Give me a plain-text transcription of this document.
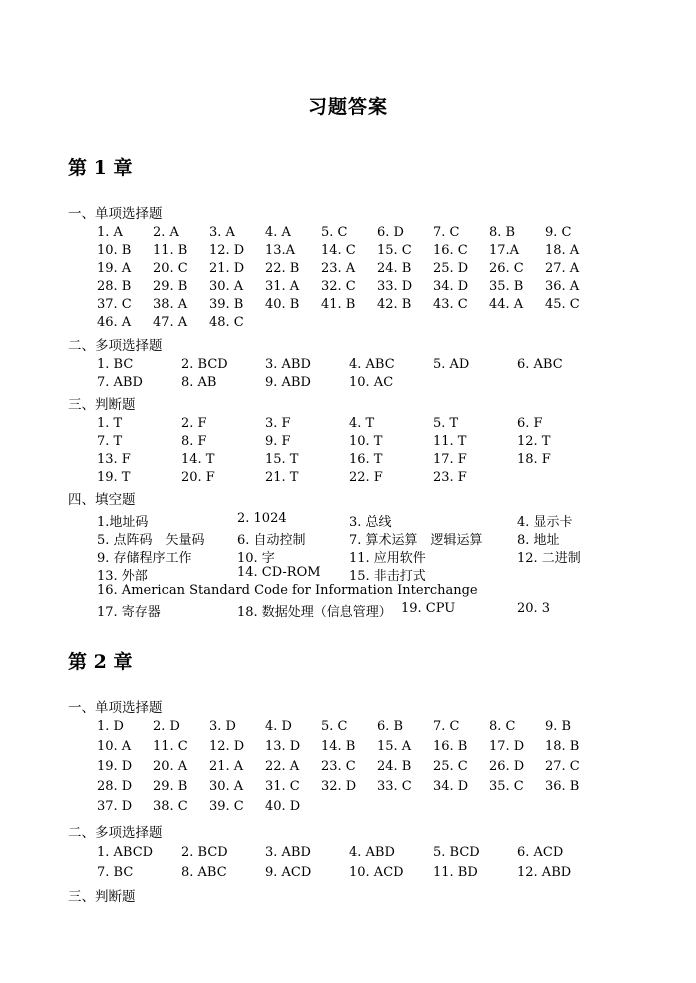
习题答案
第 1 章
一、单项选择题
1. A 2. A 3. A 4. A 5. C 6. D 7. C 8. B 9. C
10. B 11. B 12. D 13.A 14. C 15. C 16. C 17.A 18. A
19. A 20. C 21. D 22. B 23. A 24. B 25. D 26. C 27. A
28. B 29. B 30. A 31. A 32. C 33. D 34. D 35. B 36. A
37. C 38. A 39. B 40. B 41. B 42. B 43. C 44. A 45. C
46. A 47. A 48. C
二、多项选择题
1. BC	2. BCD	3. ABD	4. ABC	5. AD	6. ABC
7. ABD	8. AB	9. ABD	10. AC
三、判断题
1. T	2. F	3. F	4. T	5. T	6. F
7. T	8. F	9. F	10. T	11. T	12. T
13. F	14. T	15. T	16. T	17. F	18. F
19. T	20. F	21. T	22. F	23. F
四、填空题
1.地址码	2. 1024	3. 总线	4. 显示卡
5. 点阵码　矢量码 6. 自动控制	7. 算术运算　逻辑运算	8. 地址
9. 存储程序工作	10. 字	11. 应用软件	12. 二进制
13. 外部	14. CD-ROM 15. 非击打式
16. American Standard Code for Information Interchange
17. 寄存器	18. 数据处理（信息管理） 19. CPU	20. 3
第 2 章
一、单项选择题
1. D 2. D 3. D 4. D 5. C 6. B 7. C 8. C 9. B
10. A 11. C 12. D 13. D 14. B 15. A 16. B 17. D 18. B
19. D 20. A 21. A 22. A 23. C 24. B 25. C 26. D 27. C
28. D 29. B 30. A 31. C 32. D 33. C 34. D 35. C 36. B
37. D 38. C 39. C 40. D
二、多项选择题
1. ABCD 2. BCD	3. ABD	4. ABD	5. BCD	6. ACD
7. BC	8. ABC	9. ACD	10. ACD 11. BD	12. ABD
三、判断题
